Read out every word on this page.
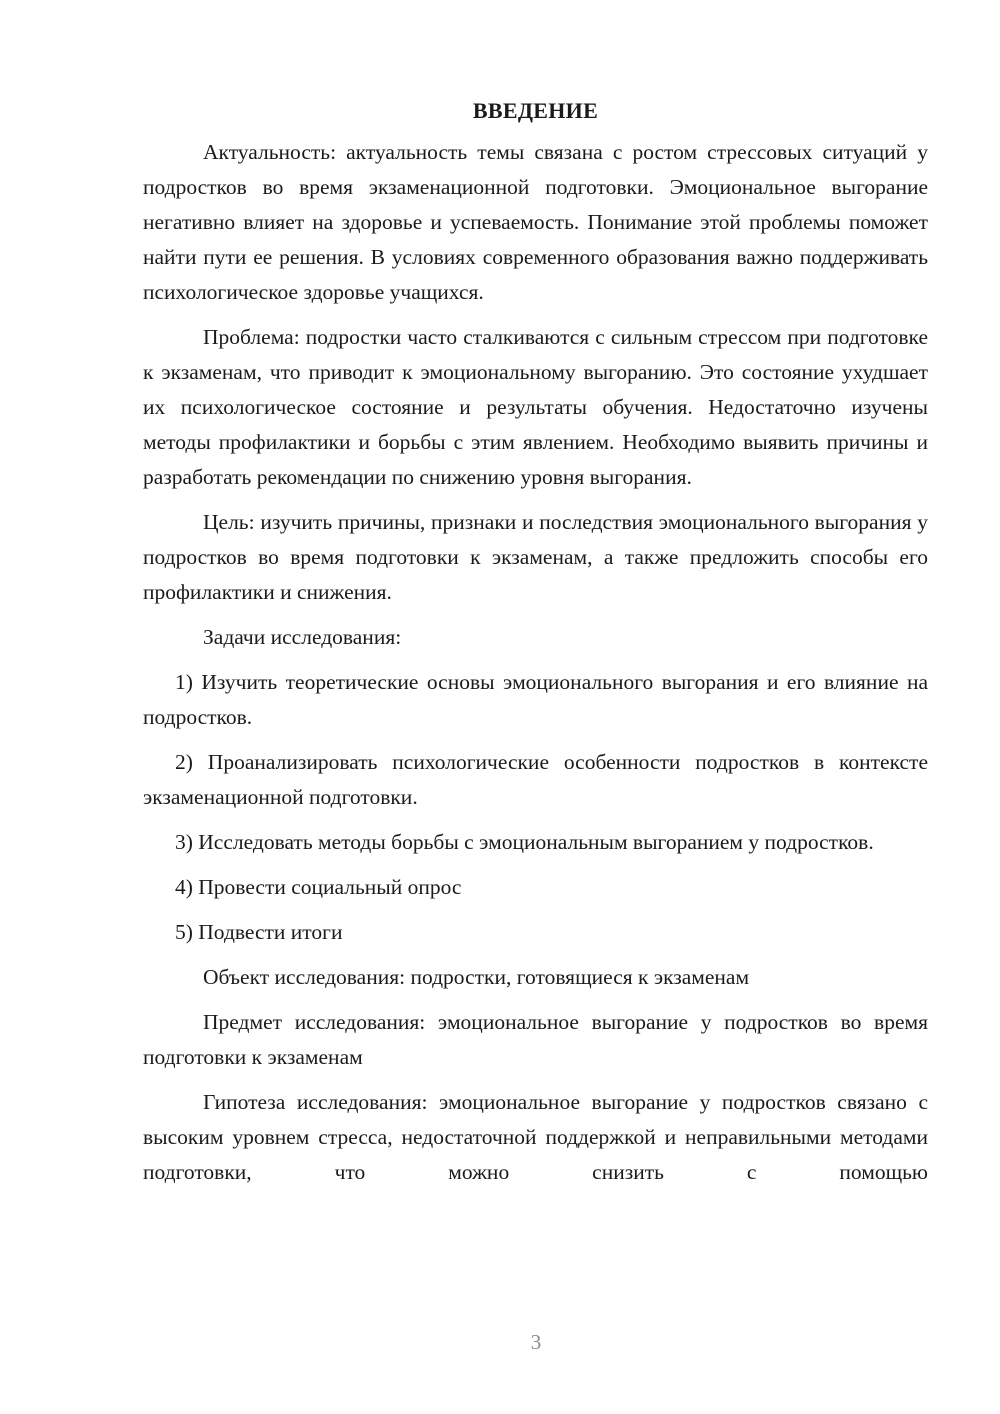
ВВЕДЕНИЕ

Актуальность: актуальность темы связана с ростом стрессовых ситуаций у подростков во время экзаменационной подготовки. Эмоциональное выгорание негативно влияет на здоровье и успеваемость. Понимание этой проблемы поможет найти пути ее решения. В условиях современного образования важно поддерживать психологическое здоровье учащихся.

Проблема: подростки часто сталкиваются с сильным стрессом при подготовке к экзаменам, что приводит к эмоциональному выгоранию. Это состояние ухудшает их психологическое состояние и результаты обучения. Недостаточно изучены методы профилактики и борьбы с этим явлением. Необходимо выявить причины и разработать рекомендации по снижению уровня выгорания.

Цель: изучить причины, признаки и последствия эмоционального выгорания у подростков во время подготовки к экзаменам, а также предложить способы его профилактики и снижения.

Задачи исследования:

1) Изучить теоретические основы эмоционального выгорания и его влияние на подростков.

2) Проанализировать психологические особенности подростков в контексте экзаменационной подготовки.

3) Исследовать методы борьбы с эмоциональным выгоранием у подростков.

4) Провести социальный опрос

5) Подвести итоги

Объект исследования: подростки, готовящиеся к экзаменам

Предмет исследования: эмоциональное выгорание у подростков во время подготовки к экзаменам

Гипотеза исследования: эмоциональное выгорание у подростков связано с высоким уровнем стресса, недостаточной поддержкой и неправильными методами подготовки, что можно снизить с помощью

3
